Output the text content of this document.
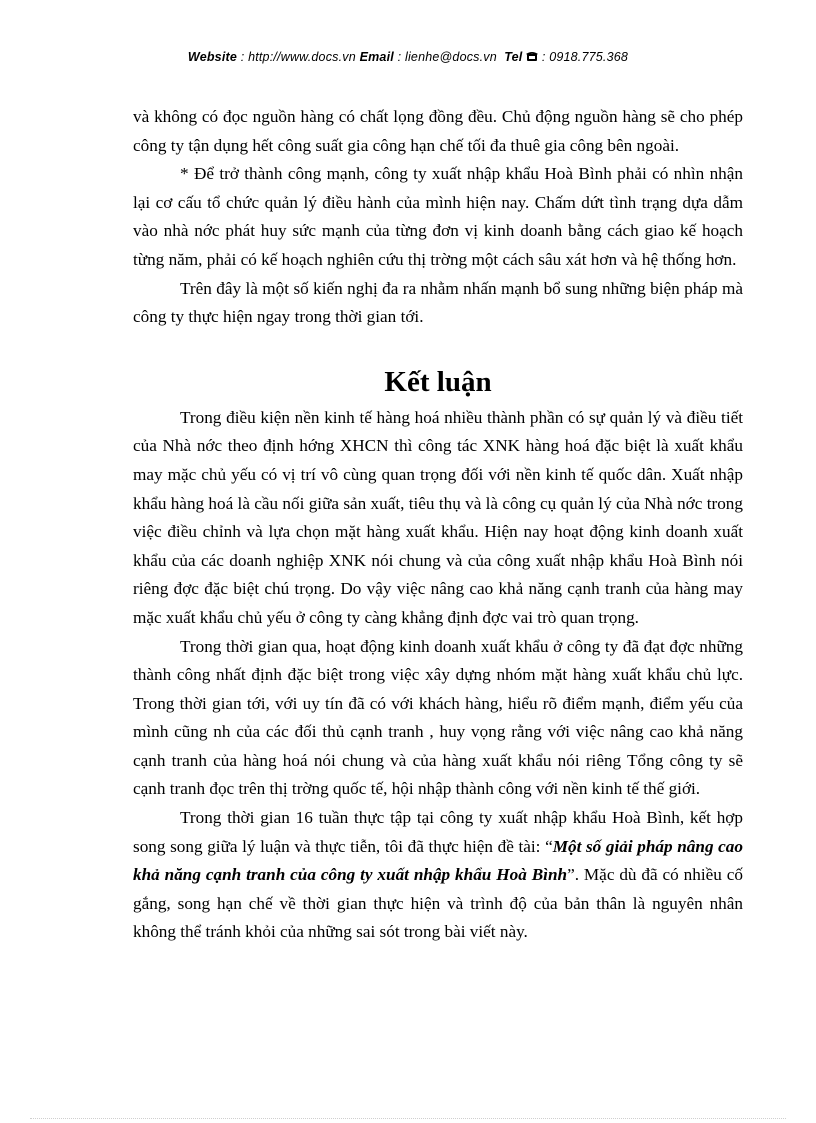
Website : http://www.docs.vn Email : lienhe@docs.vn Tel : 0918.775.368

và không có đọc nguồn hàng có chất lọng đồng đều. Chủ động nguồn hàng sẽ cho phép công ty tận dụng hết công suất gia công hạn chế tối đa thuê gia công bên ngoài.

* Để trở thành công mạnh, công ty xuất nhập khẩu Hoà Bình phải có nhìn nhận lại cơ cấu tổ chức quản lý điều hành của mình hiện nay. Chấm dứt tình trạng dựa dẫm vào nhà nớc phát huy sức mạnh của từng đơn vị kinh doanh bằng cách giao kế hoạch từng năm, phải có kế hoạch nghiên cứu thị trờng một cách sâu xát hơn và hệ thống hơn.

Trên đây là một số kiến nghị đa ra nhằm nhấn mạnh bổ sung những biện pháp mà công ty thực hiện ngay trong thời gian tới.

Kết luận

Trong điều kiện nền kinh tế hàng hoá nhiều thành phần có sự quản lý và điều tiết của Nhà nớc theo định hớng XHCN thì công tác XNK hàng hoá đặc biệt là xuất khẩu may mặc chủ yếu có vị trí vô cùng quan trọng đối với nền kinh tế quốc dân. Xuất nhập khẩu hàng hoá là cầu nối giữa sản xuất, tiêu thụ và là công cụ quản lý của Nhà nớc trong việc điều chỉnh và lựa chọn mặt hàng xuất khẩu. Hiện nay hoạt động kinh doanh xuất khẩu của các doanh nghiệp XNK nói chung và của công xuất nhập khẩu Hoà Bình nói riêng đợc đặc biệt chú trọng. Do vậy việc nâng cao khả năng cạnh tranh của hàng may mặc xuất khẩu chủ yếu ở công ty càng khẳng định đợc vai trò quan trọng.

Trong thời gian qua, hoạt động kinh doanh xuất khẩu ở công ty đã đạt đợc những thành công nhất định đặc biệt trong việc xây dựng nhóm mặt hàng xuất khẩu chủ lực. Trong thời gian tới, với uy tín đã có với khách hàng, hiểu rõ điểm mạnh, điểm yếu của mình cũng nh của các đối thủ cạnh tranh , huy vọng rằng với việc nâng cao khả năng cạnh tranh của hàng hoá nói chung và của hàng xuất khẩu nói riêng Tổng công ty sẽ cạnh tranh đọc trên thị trờng quốc tế, hội nhập thành công với nền kinh tế thế giới.

Trong thời gian 16 tuần thực tập tại công ty xuất nhập khẩu Hoà Bình, kết hợp song song giữa lý luận và thực tiễn, tôi đã thực hiện đề tài: “Một số giải pháp nâng cao khả năng cạnh tranh của công ty xuất nhập khẩu Hoà Bình”. Mặc dù đã có nhiều cố gắng, song hạn chế về thời gian thực hiện và trình độ của bản thân là nguyên nhân không thể tránh khỏi của những sai sót trong bài viết này.
